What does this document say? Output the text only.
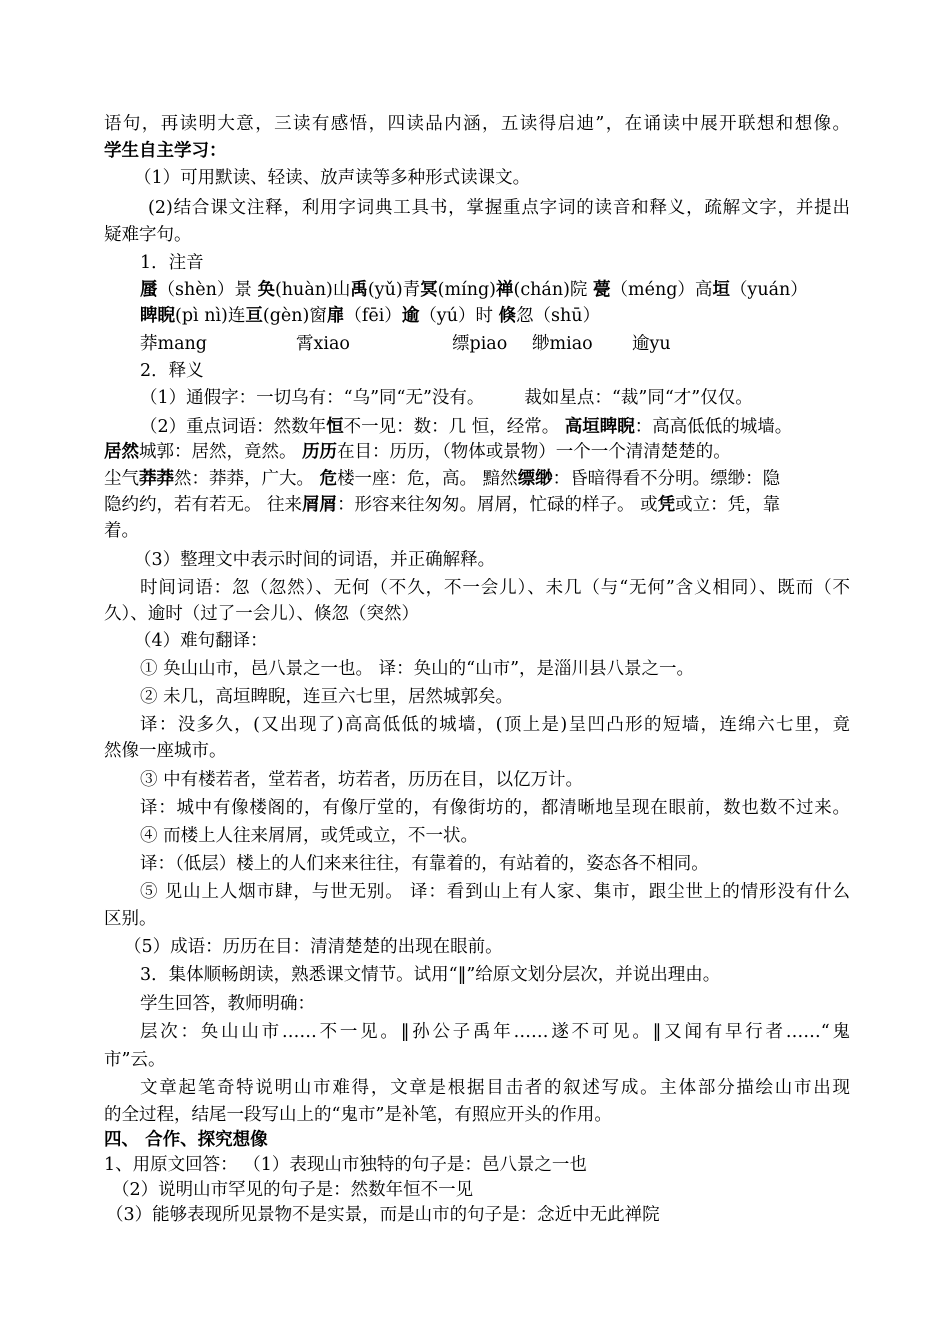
语句，再读明大意，三读有感悟，四读品内涵，五读得启迪”，在诵读中展开联想和想像。
学生自主学习：
（1）可用默读、轻读、放声读等多种形式读课文。
(2)结合课文注释，利用字词典工具书，掌握重点字词的读音和释义，疏解文字，并提出
疑难字句。
1．注音
蜃（shèn）景 奂(huàn)山禹(yǔ)青冥(míng)禅(chán)院 甍（méng）高垣（yuán）
睥睨(pì nì)连亘(gèn)窗扉（fēi）逾（yú）时 倏忽（shū）
莽mang	霄xiao	缥piao 缈miao 逾yu
2．释义
（1）通假字：一切乌有：“乌”同“无”没有。 裁如星点：“裁”同“才”仅仅。
（2）重点词语：然数年恒不一见：数：几 恒，经常。 高垣睥睨：高高低低的城墙。
居然城郭：居然，竟然。 历历在目：历历，（物体或景物）一个一个清清楚楚的。
尘气莽莽然：莽莽，广大。 危楼一座：危，高。 黯然缥缈：昏暗得看不分明。缥缈：隐
隐约约，若有若无。 往来屑屑：形容来往匆匆。屑屑，忙碌的样子。 或凭或立：凭，靠
着。
（3）整理文中表示时间的词语，并正确解释。
时间词语：忽（忽然）、无何（不久，不一会儿）、未几（与“无何”含义相同）、既而（不
久）、逾时（过了一会儿）、倏忽（突然）
（4）难句翻译：
① 奂山山市，邑八景之一也。 译：奂山的“山市”，是淄川县八景之一。
② 未几，高垣睥睨，连亘六七里，居然城郭矣。
译：没多久，(又出现了)高高低低的城墙，(顶上是)呈凹凸形的短墙，连绵六七里，竟
然像一座城市。
③ 中有楼若者，堂若者，坊若者，历历在目，以亿万计。
译：城中有像楼阁的，有像厅堂的，有像街坊的，都清晰地呈现在眼前，数也数不过来。
④ 而楼上人往来屑屑，或凭或立，不一状。
译：（低层）楼上的人们来来往往，有靠着的，有站着的，姿态各不相同。
⑤ 见山上人烟市肆，与世无别。 译：看到山上有人家、集市，跟尘世上的情形没有什么
区别。
（5）成语：历历在目：清清楚楚的出现在眼前。
3．集体顺畅朗读，熟悉课文情节。试用“‖”给原文划分层次，并说出理由。
学生回答，教师明确：
层次：奂山山市……不一见。‖孙公子禹年……遂不可见。‖又闻有早行者……“鬼
市”云。
文章起笔奇特说明山市难得，文章是根据目击者的叙述写成。主体部分描绘山市出现
的全过程，结尾一段写山上的“鬼市”是补笔，有照应开头的作用。
四、 合作、探究想像
1、用原文回答： （1）表现山市独特的句子是：邑八景之一也
（2）说明山市罕见的句子是：然数年恒不一见
（3）能够表现所见景物不是实景，而是山市的句子是：念近中无此禅院
